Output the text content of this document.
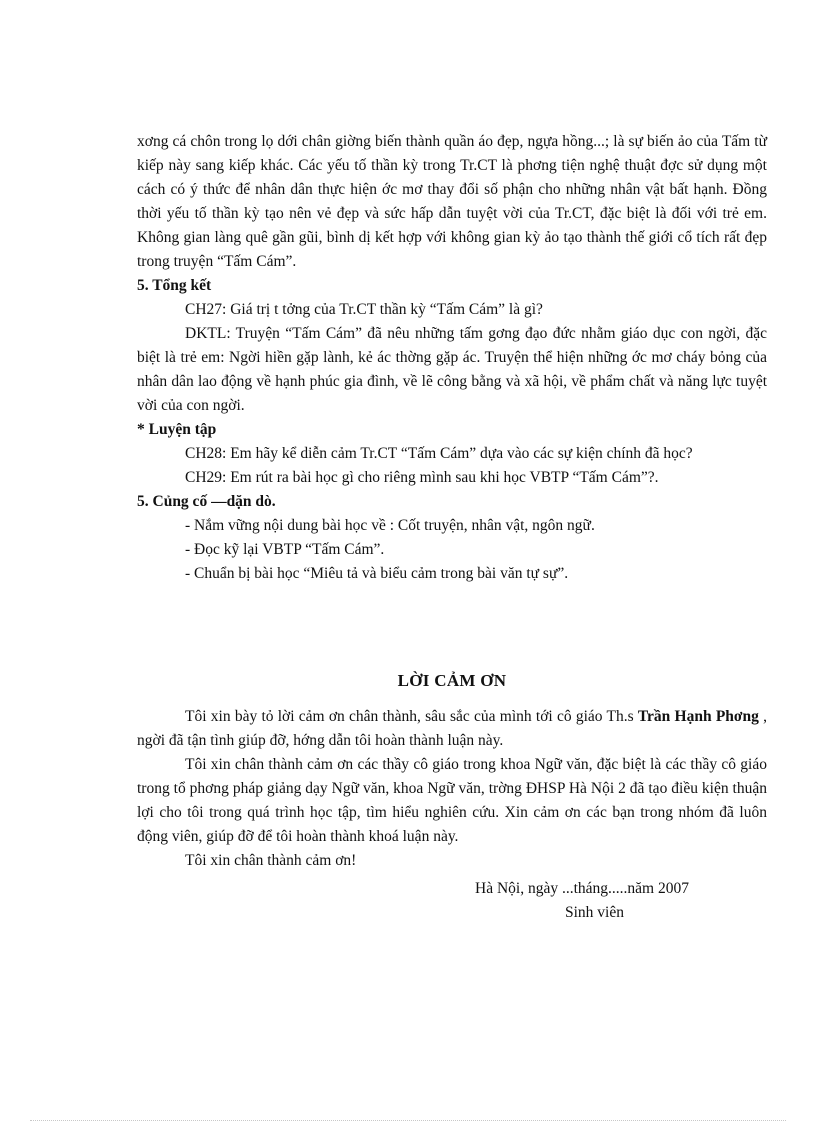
xơng cá chôn trong lọ dới chân giờng biến thành quần áo đẹp, ngựa hồng...; là sự biến ảo của Tấm từ kiếp này sang kiếp khác. Các yếu tố thần kỳ trong Tr.CT là phơng tiện nghệ thuật đợc sử dụng một cách có ý thức để nhân dân thực hiện ớc mơ thay đổi số phận cho những nhân vật bất hạnh. Đồng thời yếu tố thần kỳ tạo nên vẻ đẹp và sức hấp dẫn tuyệt vời của Tr.CT, đặc biệt là đối với trẻ em. Không gian làng quê gần gũi, bình dị kết hợp với không gian kỳ ảo tạo thành thế giới cổ tích rất đẹp trong truyện “Tấm Cám”.

5. Tổng kết

CH27: Giá trị t tởng của Tr.CT thần kỳ “Tấm Cám” là gì?

DKTL: Truyện “Tấm Cám” đã nêu những tấm gơng đạo đức nhằm giáo dục con ngời, đặc biệt là trẻ em: Ngời hiền gặp lành, kẻ ác thờng gặp ác. Truyện thể hiện những ớc mơ cháy bỏng của nhân dân lao động về hạnh phúc gia đình, về lẽ công bằng và xã hội, về phẩm chất và năng lực tuyệt vời của con ngời.

* Luyện tập

CH28: Em hãy kể diễn cảm Tr.CT “Tấm Cám” dựa vào các sự kiện chính đã học?

CH29: Em rút ra bài học gì cho riêng mình sau khi học VBTP “Tấm Cám”?.

5. Củng cố —dặn dò.

- Nắm vững nội dung bài học về : Cốt truyện, nhân vật, ngôn ngữ.

- Đọc kỹ lại VBTP “Tấm Cám”.

- Chuẩn bị bài học “Miêu tả và biểu cảm trong bài văn tự sự”.

LỜI CẢM ƠN

Tôi xin bày tỏ lời cảm ơn chân thành, sâu sắc của mình tới cô giáo Th.s Trần Hạnh Phơng , ngời đã tận tình giúp đỡ, hớng dẫn tôi hoàn thành luận này.

Tôi xin chân thành cảm ơn các thầy cô giáo trong khoa Ngữ văn, đặc biệt là các thầy cô giáo trong tổ phơng pháp giảng dạy Ngữ văn, khoa Ngữ văn, trờng ĐHSP Hà Nội 2 đã tạo điều kiện thuận lợi cho tôi trong quá trình học tập, tìm hiểu nghiên cứu. Xin cảm ơn các bạn trong nhóm đã luôn động viên, giúp đỡ để tôi hoàn thành khoá luận này.

Tôi xin chân thành cảm ơn!

Hà Nội, ngày ...tháng.....năm 2007

Sinh viên
